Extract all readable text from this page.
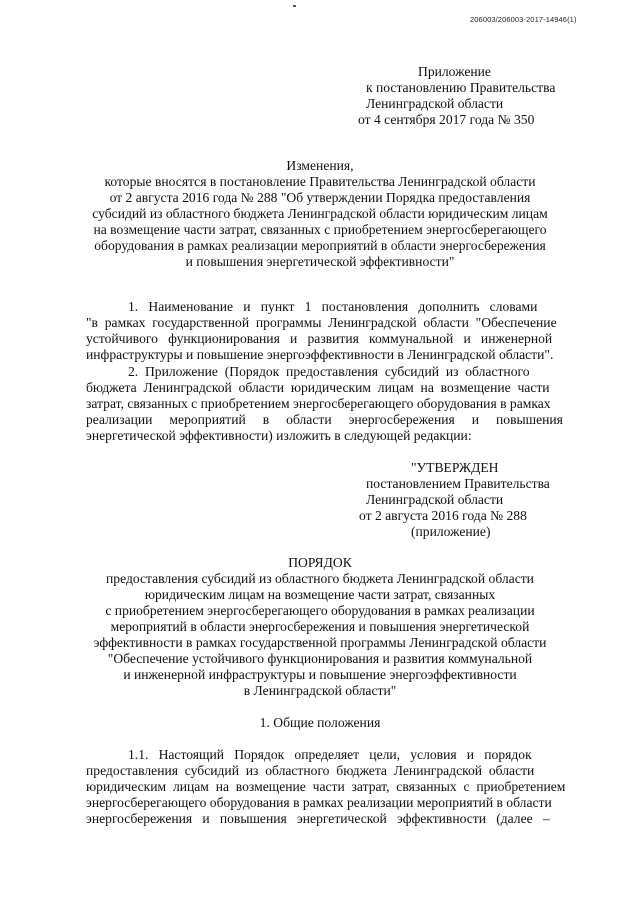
206003/206003-2017-14946(1)
Приложение
к постановлению Правительства
Ленинградской области
от 4 сентября 2017 года № 350
Изменения,
которые вносятся в постановление Правительства Ленинградской области
от 2 августа 2016 года № 288 "Об утверждении Порядка предоставления
субсидий из областного бюджета Ленинградской области юридическим лицам
на возмещение части затрат, связанных с приобретением энергосберегающего
оборудования в рамках реализации мероприятий в области энергосбережения
и повышения энергетической эффективности"
1.   Наименование   и   пункт   1   постановления   дополнить   словами
"в  рамках  государственной  программы  Ленинградской  области  "Обеспечение
устойчивого   функционирования   и   развития   коммунальной   и   инженерной
инфраструктуры и повышение энергоэффективности в Ленинградской области".
2.  Приложение  (Порядок  предоставления  субсидий  из  областного
бюджета  Ленинградской  области  юридическим  лицам  на  возмещение  части
затрат, связанных с приобретением энергосберегающего оборудования в рамках
реализации     мероприятий     в     области     энергосбережения     и     повышения
энергетической эффективности) изложить в следующей редакции:
"УТВЕРЖДЕН
постановлением Правительства
Ленинградской области
от 2 августа 2016 года № 288
(приложение)
ПОРЯДОК
предоставления субсидий из областного бюджета Ленинградской области
юридическим лицам на возмещение части затрат, связанных
с приобретением энергосберегающего оборудования в рамках реализации
мероприятий в области энергосбережения и повышения энергетической
эффективности в рамках государственной программы Ленинградской области
"Обеспечение устойчивого функционирования и развития коммунальной
и инженерной инфраструктуры и повышение энергоэффективности
в Ленинградской области"
1. Общие положения
1.1.   Настоящий   Порядок   определяет   цели,   условия   и   порядок
предоставления  субсидий  из  областного  бюджета  Ленинградской  области
юридическим  лицам  на  возмещение  части  затрат,  связанных  с  приобретением
энергосберегающего оборудования в рамках реализации мероприятий в области
энергосбережения   и   повышения   энергетической   эффективности   (далее   –
